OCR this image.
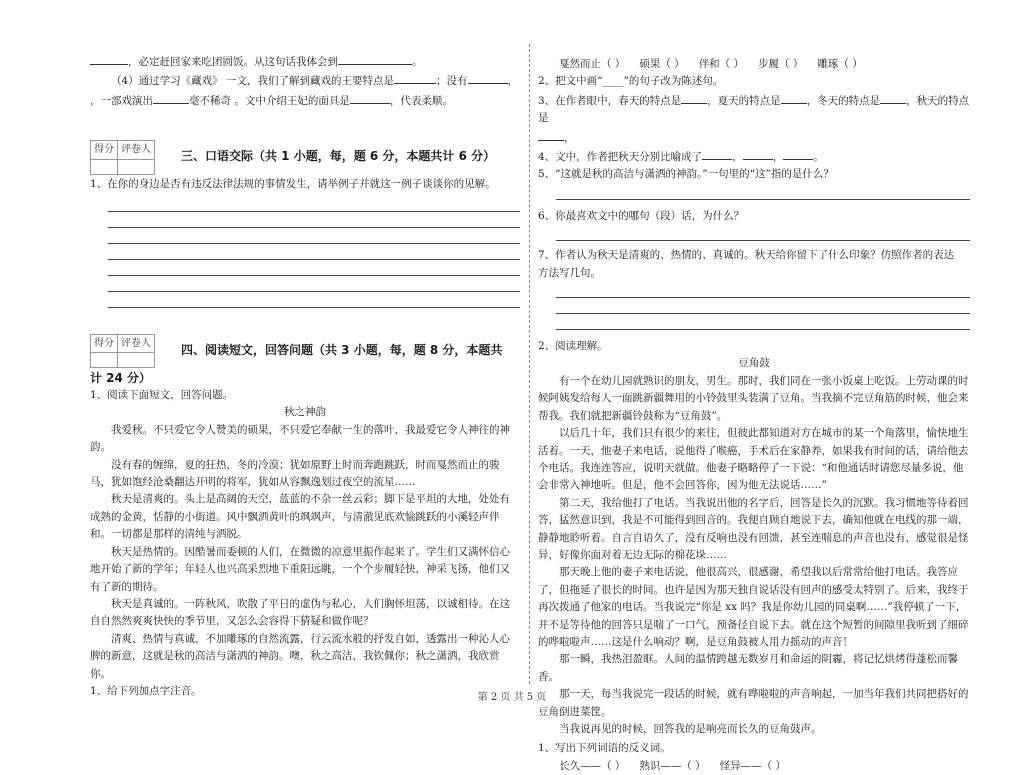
，必定赶回家来吃团圆饭。从这句话我体会到	。

（4）通过学习《藏戏》 一文，我们了解到藏戏的王要特点是	；没有	，

，一部戏演出	毫不稀奇 。文中介绍王妃的面具是	，代表柔顺。

得分	评卷人
		三、口语交际（共 1 小题，每，题 6 分，本题共计 6 分）

1、在你的身边是否有违反法律法规的事情发生，请举例子并就这一例子谈谈你的见解。

得分	评卷人
		四、阅读短文，回答问题（共 3 小题，每，题 8 分，本题共

计 24 分）

1、阅读下面短文，回答问题。

秋之神韵

我爱秋。不只爱它令人赞美的硕果，不只爱它奉献一生的落叶，我最爱它令人神往的神韵。

没有春的缠绵，夏的狂热，冬的冷漠；犹如原野上时而奔跑跳跃，时而戛然而止的骏马，犹如饱经沧桑翻达开明的将军，犹如从容飘逸划过夜空的流星……

秋天是清爽的。头上是高阔的天空，蓝蓝的不杂一丝云彩；脚下是平坦的大地，处处有成熟的金黄，恬静的小街道。风中飘洒黄叶的飒飒声，与清澈见底欢愉跳跃的小溪轻声伴和。一切都是那样的清纯与洒脱。

秋天是热情的。因酷暑而委顿的人们，在微微的凉意里振作起来了。学生们又满怀信心地开始了新的学年；年轻人也兴高采烈地下重阳远眺，一个个步履轻快，神采飞扬，他们又有了新的期待。

秋天是真诚的。一阵秋风，吹散了平日的虚伪与私心，人们胸怀坦荡，以诚相待。在这自自然然爽爽快快的季节里，又怎么会容得下猜疑和做作呢？

清爽、热情与真诚，不加雕琢的自然流露，行云流水般的抒发自如，透露出一种沁人心脾的新意，这就是秋的高洁与潇洒的神韵。噢，秋之高洁，我钦佩你；秋之潇洒，我欣赏你。

1、给下列加点字注音。

戛然而止（ ） 硕果（ ） 伴和（ ） 步履（ ） 雕琢（ ）

2、把文中画“____”的句子改为陈述句。

3、在作者眼中，春天的特点是 ，夏天的特点是 ，冬天的特点是 ，秋天的特点是

，

4、文中，作者把秋天分别比喻成了	，	，	。

5、“这就是秋的高洁与潇洒的神韵。”一句里的“这”指的是什么？

6、你最喜欢文中的哪句（段）话，为什么？

7、作者认为秋天是清爽的、热情的、真诚的。秋天给你留下了什么印象？仿照作者的表达

方法写几句。

2、阅读理解。

豆角鼓

有一个在幼儿园就熟识的朋友，男生。那时，我们同在一张小饭桌上吃饭。上劳动课的时候阿姨发给每人一面跳新疆舞用的小铃鼓里头装满了豆角。当我摘不完豆角筋的时候，他会来帮我。我们就把新疆铃鼓称为“豆角鼓”。

以后几十年，我们只有很少的来往，但彼此都知道对方在城市的某一个角落里，愉快地生活着。一天，他妻子来电话，说他得了喉癌，手术后在家静养，如果我有时间的话，请给他去个电话。我连连答应，说明天就做。他妻子略略停了一下说：“和他通话时请您尽量多说，他会非常入神地听。但是，他不会回答你，因为他无法说话……”

第二天，我给他打了电话。当我说出他的名字后，回答是长久的沉默。我习惯地等待着回答，猛然意识到，我是不可能得到回音的。我便自顾自地说下去，确知他就在电线的那一端，静静地聆听着。自言自语久了，没有反响也没有回馈，甚至连喘息的声音也没有，感觉很是怪异，好像你面对着无边无际的棉花垛……

那天晚上他的妻子来电话说，他很高兴，很感谢，希望我以后常常给他打电话。我答应了，但拖延了很长的时间。也许是因为那天独自说话没有回声的感受太特别了。后来，我终于再次拨通了他家的电话。当我说完“你是 xx 吗？我是你幼儿园的同桌啊……”我停顿了一下，并不是等待他的回答只是喘了一口气，预备径自说下去。就在这个短暂的间隙里我听到了细碎的哗啦啦声……这是什么响动？啊，是豆角鼓被人用力摇动的声音！

那一瞬，我热泪盈眶。人间的温情跨越无数岁月和命运的阴霾，将记忆烘烤得蓬松而馨香。

那一天，每当我说完一段话的时候，就有哗啦啦的声音响起，一加当年我们共同把搭好的豆角倒进菜筐。

当我说再见的时候，回答我的是响亮而长久的豆角鼓声。

1、写出下列词语的反义词。

长久——（ ） 熟识——（ ） 怪异——（ ）

第 2 页 共 5 页
